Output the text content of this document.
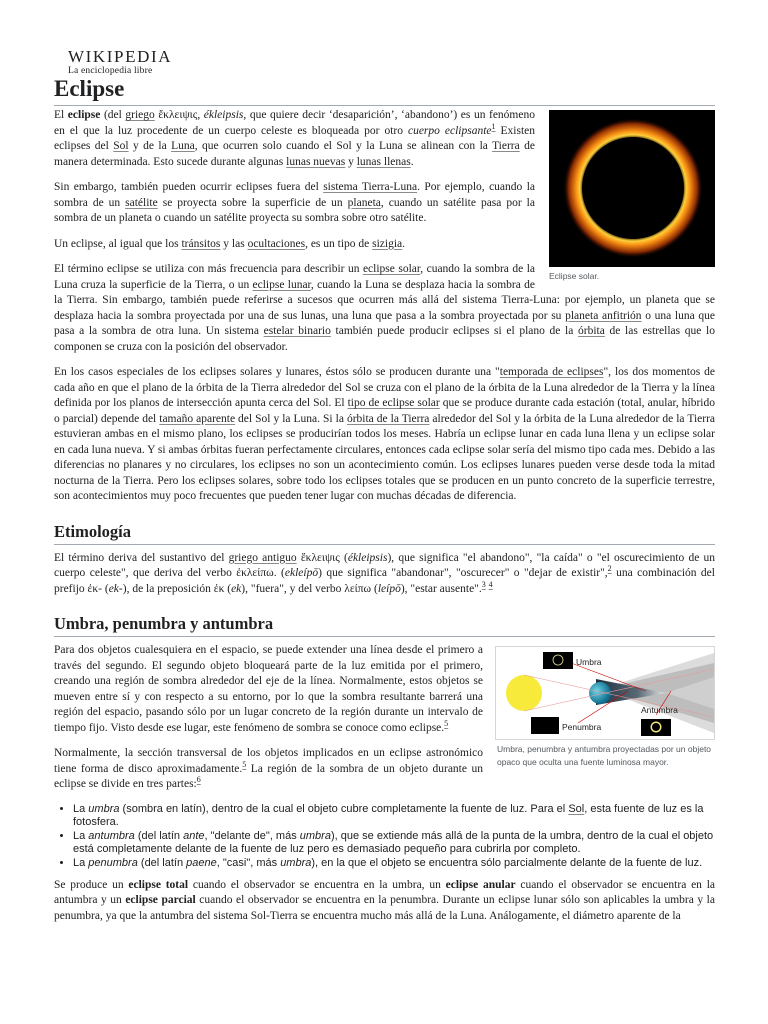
WIKIPEDIA
La enciclopedia libre
Eclipse
Eclipse solar.

El eclipse (del griego ἔκλειψις, ékleipsis, que quiere decir ‘desaparición’, ‘abandono’) es un fenómeno en el que la luz procedente de un cuerpo celeste es bloqueada por otro cuerpo eclipsante$^1$ Existen eclipses del Sol y de la Luna, que ocurren solo cuando el Sol y la Luna se alinean con la Tierra de manera determinada. Esto sucede durante algunas lunas nuevas y lunas llenas.

Sin embargo, también pueden ocurrir eclipses fuera del sistema Tierra-Luna. Por ejemplo, cuando la sombra de un satélite se proyecta sobre la superficie de un planeta, cuando un satélite pasa por la sombra de un planeta o cuando un satélite proyecta su sombra sobre otro satélite.

Un eclipse, al igual que los tránsitos y las ocultaciones, es un tipo de sizigia.

El término eclipse se utiliza con más frecuencia para describir un eclipse solar, cuando la sombra de la Luna cruza la superficie de la Tierra, o un eclipse lunar, cuando la Luna se desplaza hacia la sombra de la Tierra. Sin embargo, también puede referirse a sucesos que ocurren más allá del sistema Tierra-Luna: por ejemplo, un planeta que se desplaza hacia la sombra proyectada por una de sus lunas, una luna que pasa a la sombra proyectada por su planeta anfitrión o una luna que pasa a la sombra de otra luna. Un sistema estelar binario también puede producir eclipses si el plano de la órbita de las estrellas que lo componen se cruza con la posición del observador.

En los casos especiales de los eclipses solares y lunares, éstos sólo se producen durante una "temporada de eclipses", los dos momentos de cada año en que el plano de la órbita de la Tierra alrededor del Sol se cruza con el plano de la órbita de la Luna alrededor de la Tierra y la línea definida por los planos de intersección apunta cerca del Sol. El tipo de eclipse solar que se produce durante cada estación (total, anular, híbrido o parcial) depende del tamaño aparente del Sol y la Luna. Si la órbita de la Tierra alrededor del Sol y la órbita de la Luna alrededor de la Tierra estuvieran ambas en el mismo plano, los eclipses se producirían todos los meses. Habría un eclipse lunar en cada luna llena y un eclipse solar en cada luna nueva. Y si ambas órbitas fueran perfectamente circulares, entonces cada eclipse solar sería del mismo tipo cada mes. Debido a las diferencias no planares y no circulares, los eclipses no son un acontecimiento común. Los eclipses lunares pueden verse desde toda la mitad nocturna de la Tierra. Pero los eclipses solares, sobre todo los eclipses totales que se producen en un punto concreto de la superficie terrestre, son acontecimientos muy poco frecuentes que pueden tener lugar con muchas décadas de diferencia.

Etimología

El término deriva del sustantivo del griego antiguo ἔκλειψις (ékleipsis), que significa "el abandono", "la caída" o "el oscurecimiento de un cuerpo celeste", que deriva del verbo ἐκλείπω. (ekleípō) que significa "abandonar", "oscurecer" o "dejar de existir",$^2$ una combinación del prefijo ἐκ- (ek-), de la preposición ἐκ (ek), "fuera", y del verbo λείπω (leípō), "estar ausente".$^3$ $^4$

Umbra, penumbra y antumbra
Umbra
Antumbra
Penumbra
Umbra, penumbra y antumbra proyectadas por un objeto opaco que oculta una fuente luminosa mayor.

Para dos objetos cualesquiera en el espacio, se puede extender una línea desde el primero a través del segundo. El segundo objeto bloqueará parte de la luz emitida por el primero, creando una región de sombra alrededor del eje de la línea. Normalmente, estos objetos se mueven entre sí y con respecto a su entorno, por lo que la sombra resultante barrerá una región del espacio, pasando sólo por un lugar concreto de la región durante un intervalo de tiempo fijo. Visto desde ese lugar, este fenómeno de sombra se conoce como eclipse.$^5$

Normalmente, la sección transversal de los objetos implicados en un eclipse astronómico tiene forma de disco aproximadamente.$^5$ La región de la sombra de un objeto durante un eclipse se divide en tres partes:$^6$

• La umbra (sombra en latín), dentro de la cual el objeto cubre completamente la fuente de luz. Para el Sol, esta fuente de luz es la fotosfera.
• La antumbra (del latín ante, "delante de", más umbra), que se extiende más allá de la punta de la umbra, dentro de la cual el objeto está completamente delante de la fuente de luz pero es demasiado pequeño para cubrirla por completo.
• La penumbra (del latín paene, "casi", más umbra), en la que el objeto se encuentra sólo parcialmente delante de la fuente de luz.

Se produce un eclipse total cuando el observador se encuentra en la umbra, un eclipse anular cuando el observador se encuentra en la antumbra y un eclipse parcial cuando el observador se encuentra en la penumbra. Durante un eclipse lunar sólo son aplicables la umbra y la penumbra, ya que la antumbra del sistema Sol-Tierra se encuentra mucho más allá de la Luna. Análogamente, el diámetro aparente de la
